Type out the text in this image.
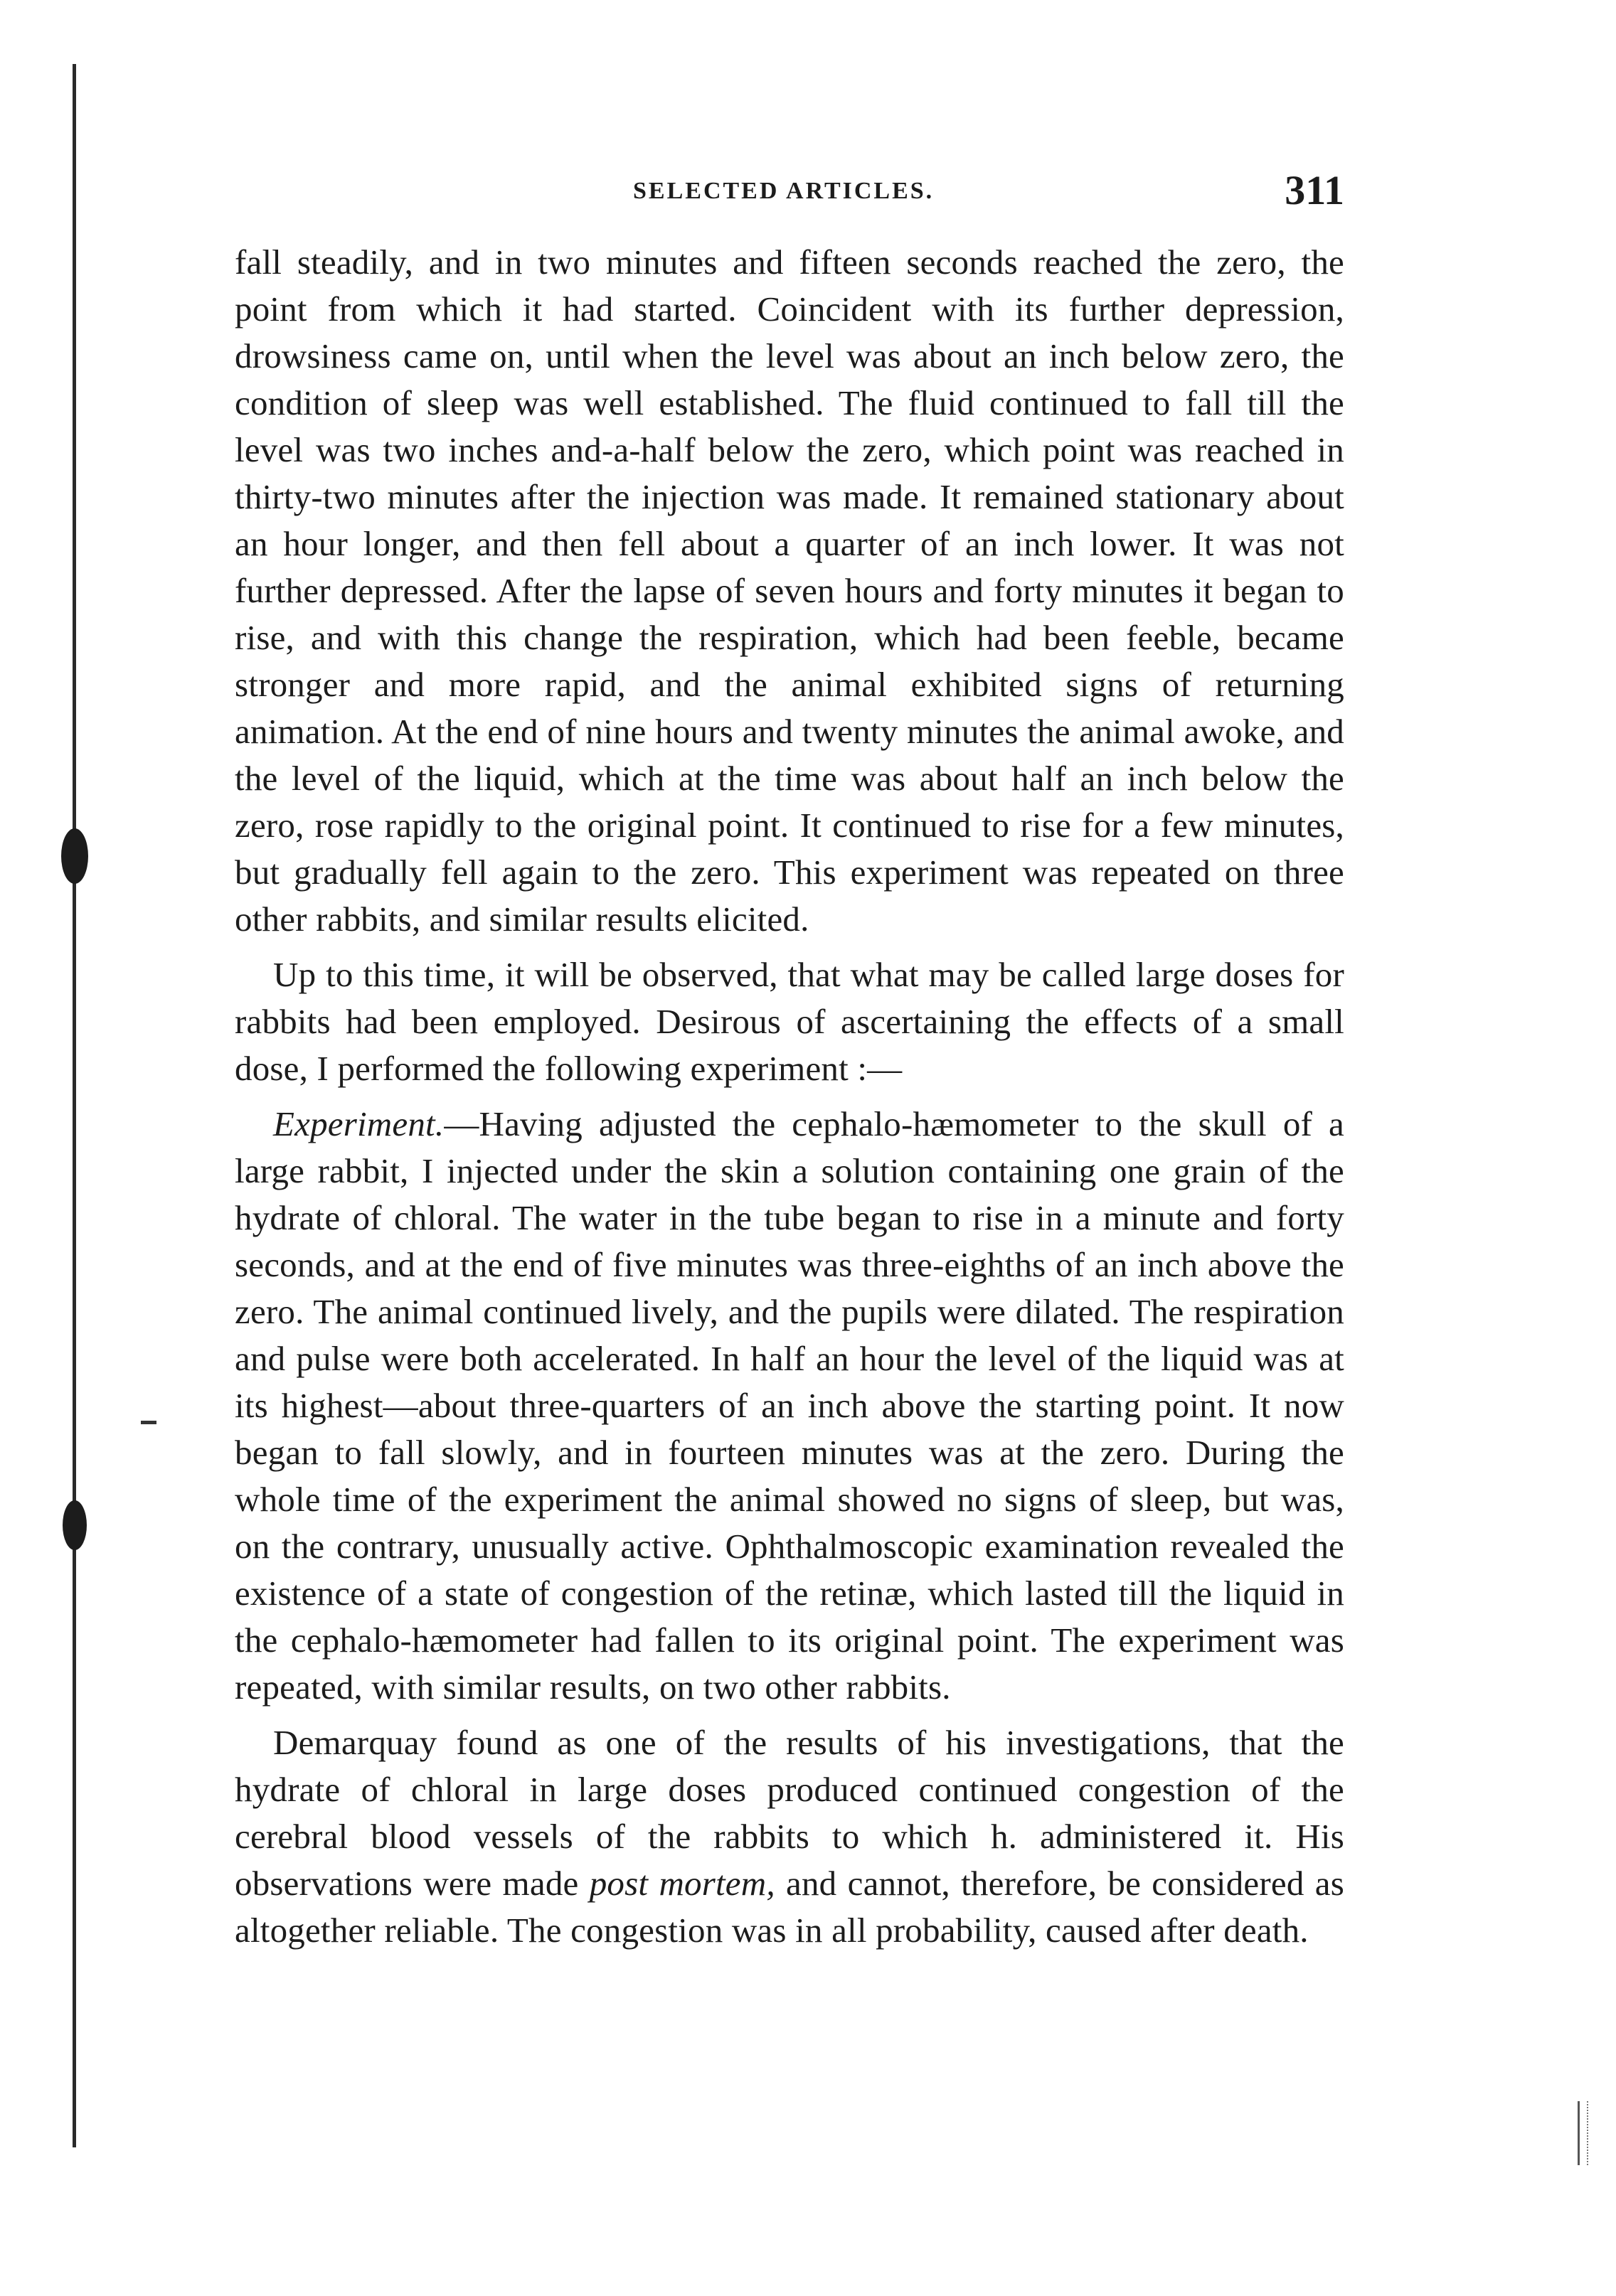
SELECTED ARTICLES.	311

fall steadily, and in two minutes and fifteen seconds reached the zero, the point from which it had started. Coincident with its further depression, drowsiness came on, until when the level was about an inch below zero, the condition of sleep was well established. The fluid continued to fall till the level was two inches and-a-half below the zero, which point was reached in thirty-two minutes after the injection was made. It remained stationary about an hour longer, and then fell about a quarter of an inch lower. It was not further depressed. After the lapse of seven hours and forty minutes it began to rise, and with this change the respiration, which had been feeble, became stronger and more rapid, and the animal exhibited signs of returning animation. At the end of nine hours and twenty minutes the animal awoke, and the level of the liquid, which at the time was about half an inch below the zero, rose rapidly to the original point. It continued to rise for a few minutes, but gradually fell again to the zero. This experiment was repeated on three other rabbits, and similar results elicited.

Up to this time, it will be observed, that what may be called large doses for rabbits had been employed. Desirous of ascertaining the effects of a small dose, I performed the following experiment :—

Experiment.—Having adjusted the cephalo-hæmometer to the skull of a large rabbit, I injected under the skin a solution containing one grain of the hydrate of chloral. The water in the tube began to rise in a minute and forty seconds, and at the end of five minutes was three-eighths of an inch above the zero. The animal continued lively, and the pupils were dilated. The respiration and pulse were both accelerated. In half an hour the level of the liquid was at its highest—about three-quarters of an inch above the starting point. It now began to fall slowly, and in fourteen minutes was at the zero. During the whole time of the experiment the animal showed no signs of sleep, but was, on the contrary, unusually active. Ophthalmoscopic examination revealed the existence of a state of congestion of the retinæ, which lasted till the liquid in the cephalo-hæmometer had fallen to its original point. The experiment was repeated, with similar results, on two other rabbits.

Demarquay found as one of the results of his investigations, that the hydrate of chloral in large doses produced continued congestion of the cerebral blood vessels of the rabbits to which h. administered it. His observations were made post mortem, and cannot, therefore, be considered as altogether reliable. The congestion was in all probability, caused after death.
